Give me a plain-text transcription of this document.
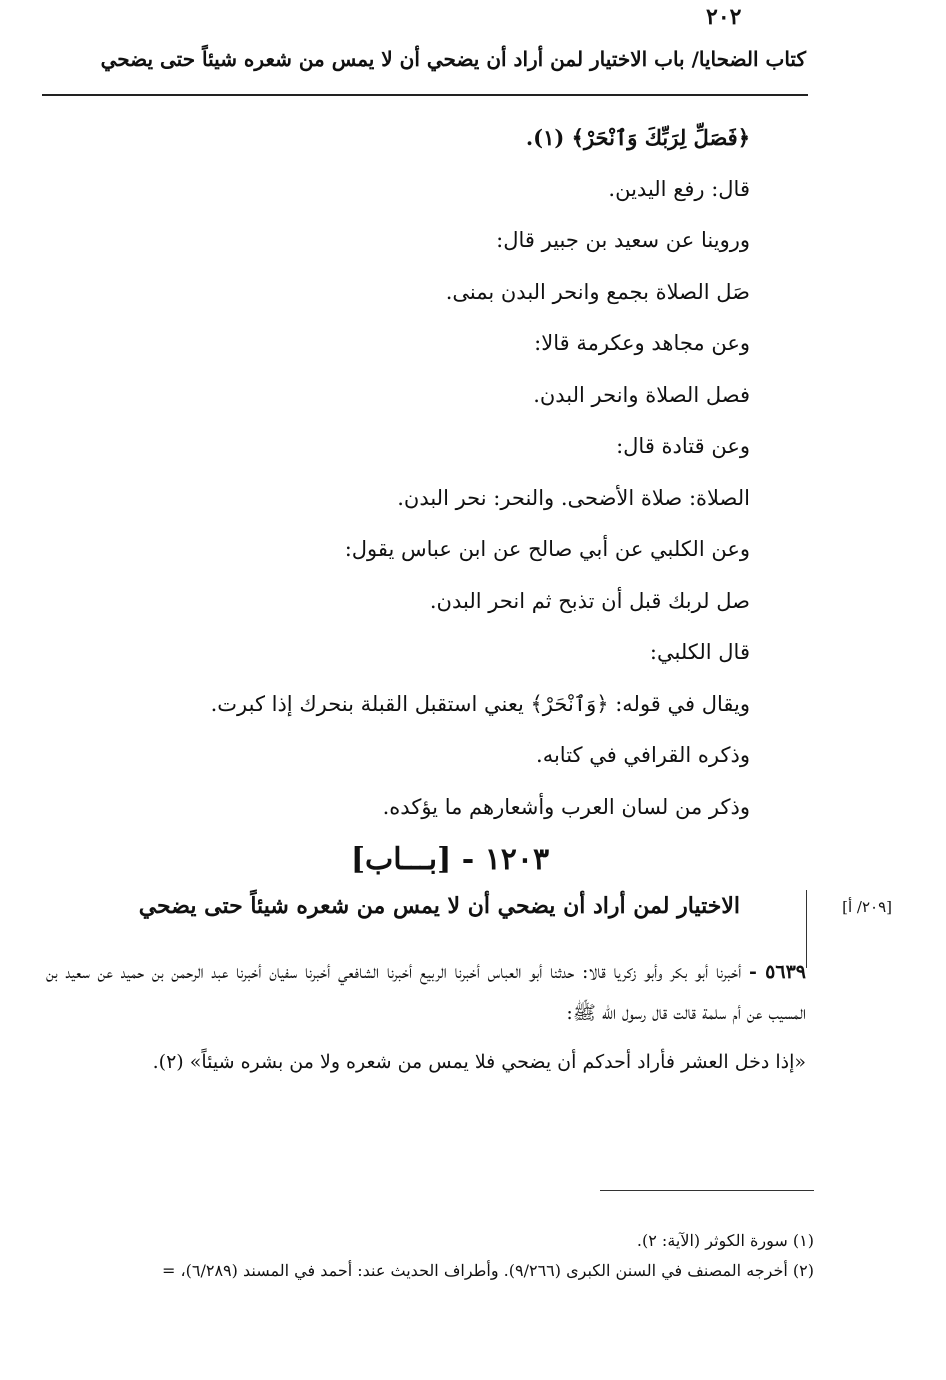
كتاب الضحايا/ باب الاختيار لمن أراد أن يضحي أن لا يمس من شعره شيئاً حتى يضحي
٢٠٢
﴿فَصَلِّ لِرَبِّكَ وَٱنْحَرْ﴾ (١).
قال: رفع اليدين.
وروينا عن سعيد بن جبير قال:
صَل الصلاة بجمع وانحر البدن بمنى.
وعن مجاهد وعكرمة قالا:
فصل الصلاة وانحر البدن.
وعن قتادة قال:
الصلاة: صلاة الأضحى. والنحر: نحر البدن.
وعن الكلبي عن أبي صالح عن ابن عباس يقول:
صل لربك قبل أن تذبح ثم انحر البدن.
قال الكلبي:
ويقال في قوله: ﴿وَٱنْحَرْ﴾ يعني استقبل القبلة بنحرك إذا كبرت.
وذكره القرافي في كتابه.
وذكر من لسان العرب وأشعارهم ما يؤكده.
١٢٠٣ - [بـــاب]
[٢٠٩/ أ]
الاختيار لمن أراد أن يضحي أن لا يمس من شعره شيئاً حتى يضحي

٥٦٣٩ - أخبرنا أبو بكر وأبو زكريا قالا: حدثنا أبو العباس أخبرنا الربيع أخبرنا الشافعي أخبرنا سفيان أخبرنا عبد الرحمن بن حميد عن سعيد بن المسيب عن أم سلمة قالت قال رسول الله ﷺ:

«إذا دخل العشر فأراد أحدكم أن يضحي فلا يمس من شعره ولا من بشره شيئاً» (٢).

(١) سورة الكوثر (الآية: ٢).

(٢) أخرجه المصنف في السنن الكبرى (٩/٢٦٦). وأطراف الحديث عند: أحمد في المسند (٦/٢٨٩)، =
